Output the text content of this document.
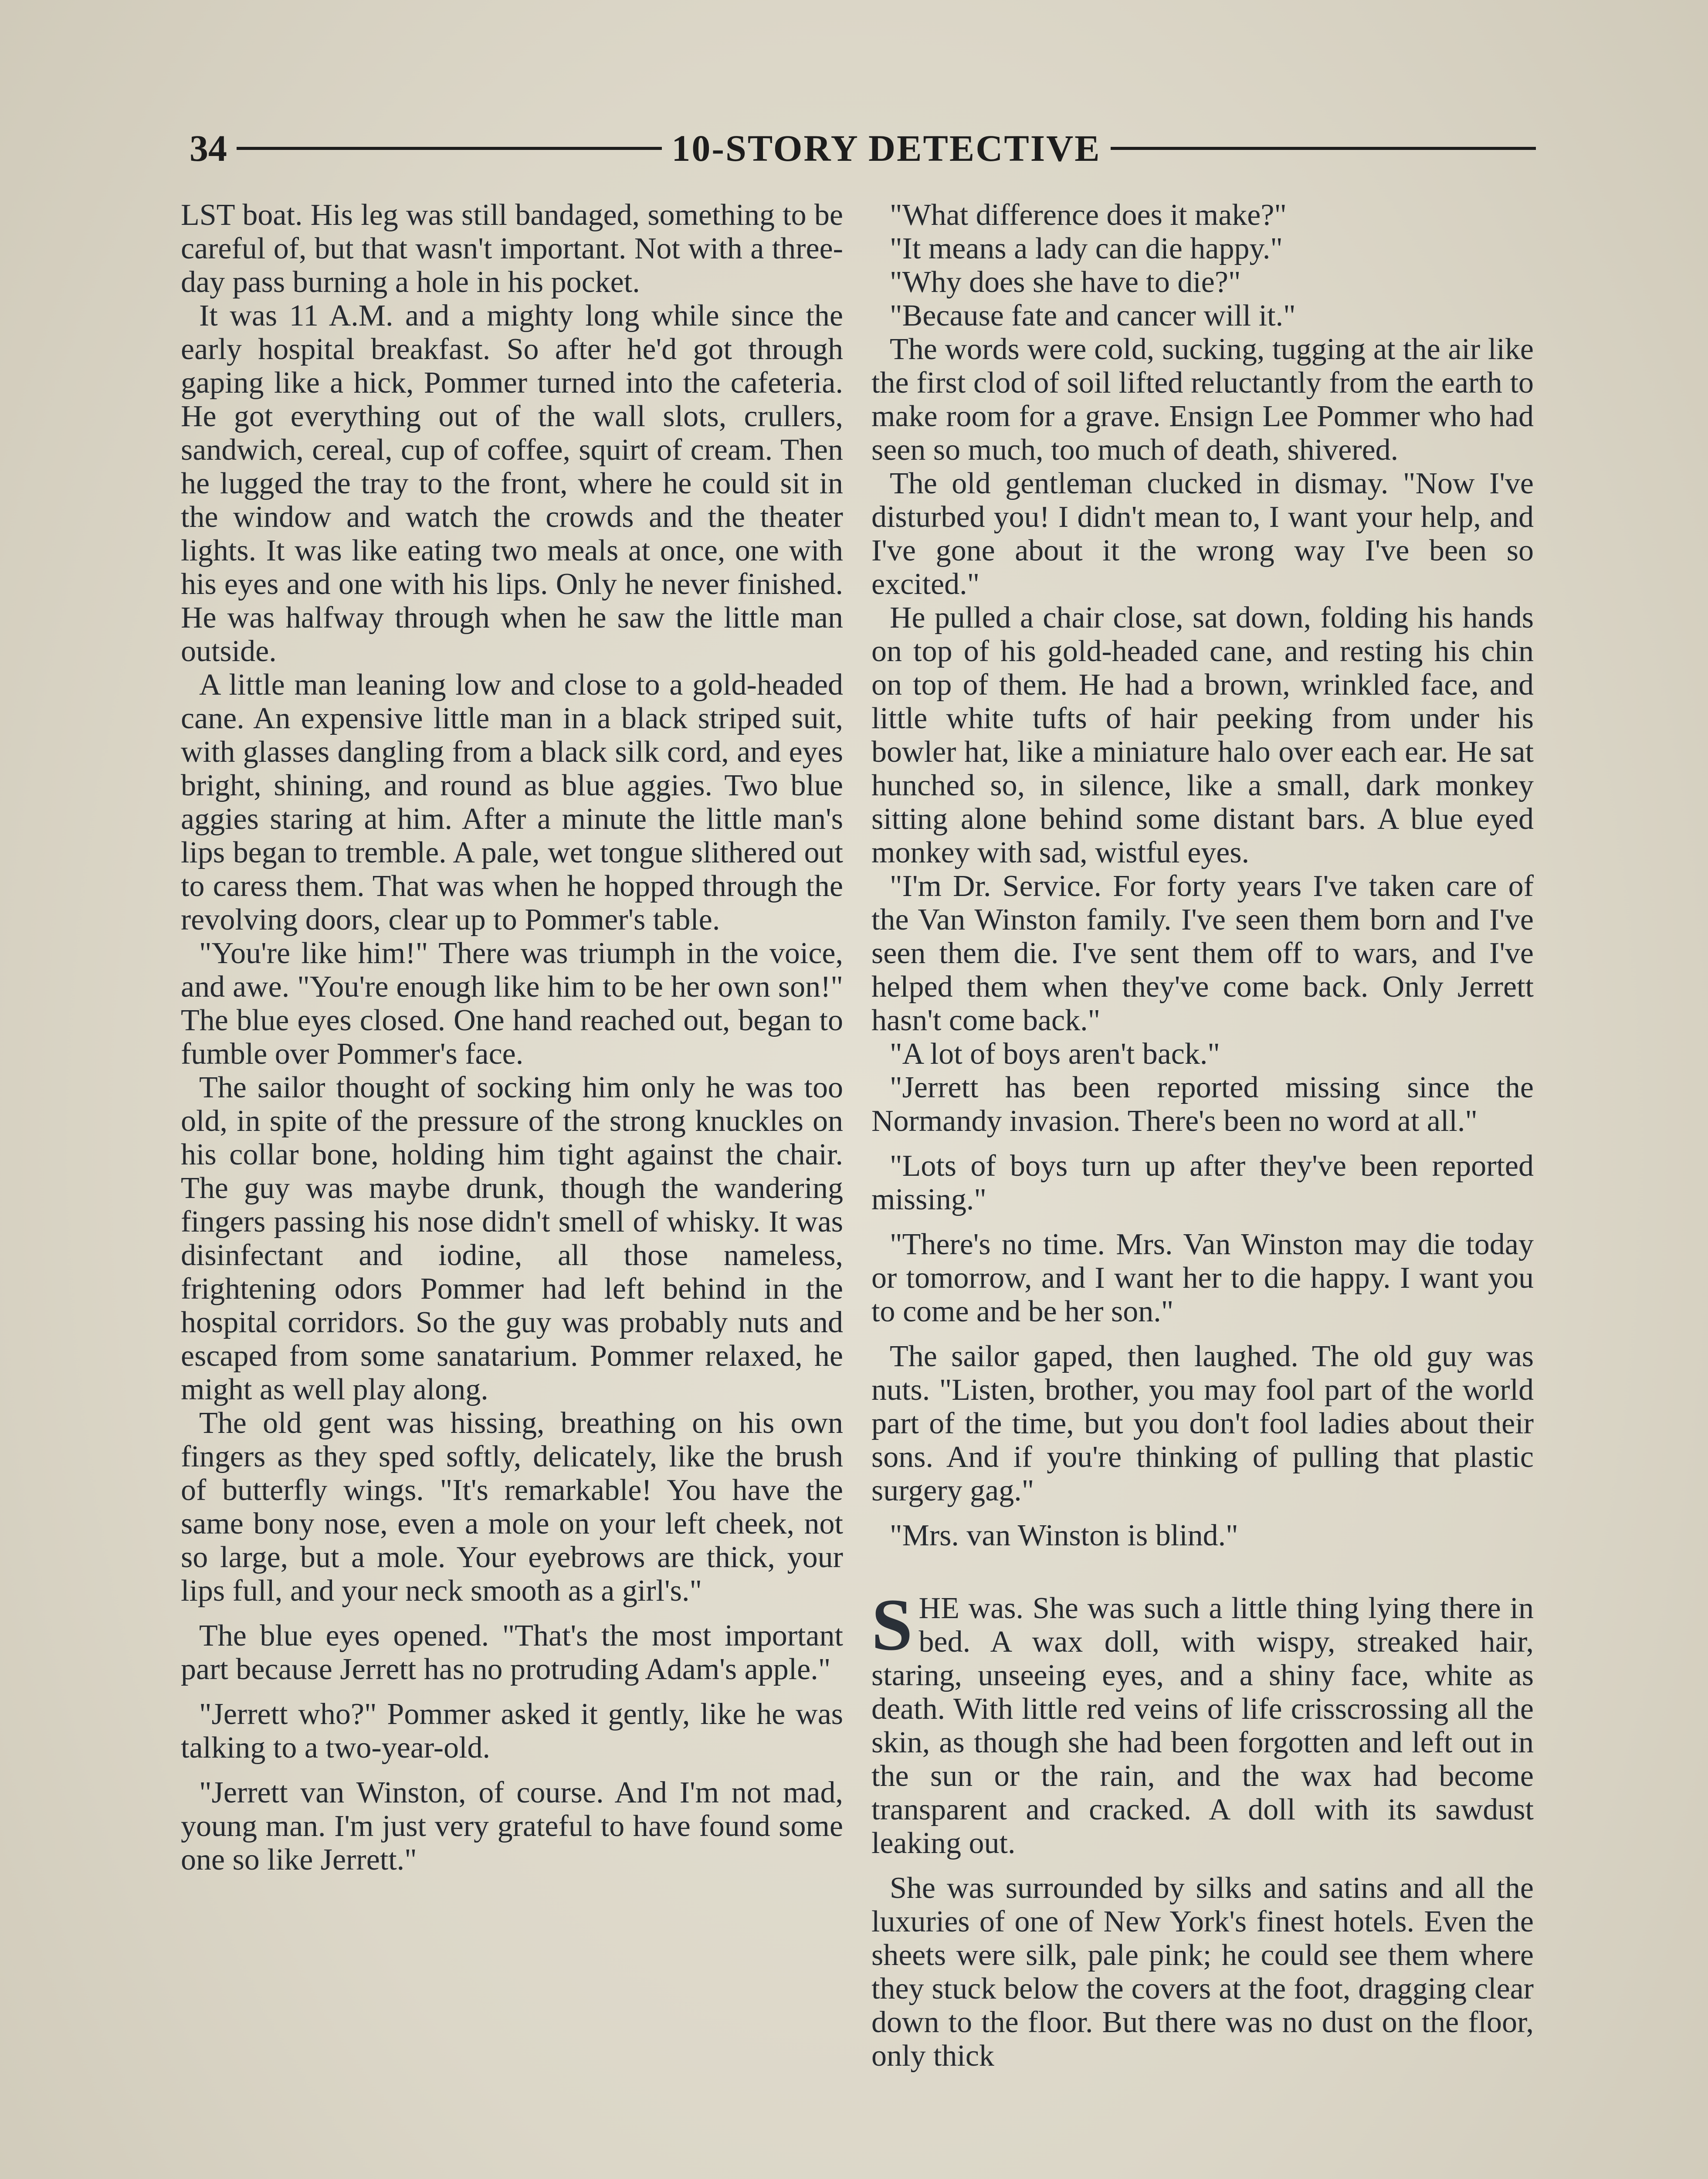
34	10-STORY DETECTIVE

LST boat. His leg was still bandaged, something to be careful of, but that wasn't important. Not with a three-day pass burning a hole in his pocket.

It was 11 A.M. and a mighty long while since the early hospital breakfast. So after he'd got through gaping like a hick, Pommer turned into the cafeteria. He got everything out of the wall slots, crullers, sandwich, cereal, cup of coffee, squirt of cream. Then he lugged the tray to the front, where he could sit in the window and watch the crowds and the theater lights. It was like eating two meals at once, one with his eyes and one with his lips. Only he never finished. He was halfway through when he saw the little man outside.

A little man leaning low and close to a gold-headed cane. An expensive little man in a black striped suit, with glasses dangling from a black silk cord, and eyes bright, shining, and round as blue aggies. Two blue aggies staring at him. After a minute the little man's lips began to tremble. A pale, wet tongue slithered out to caress them. That was when he hopped through the revolving doors, clear up to Pommer's table.

"You're like him!" There was triumph in the voice, and awe. "You're enough like him to be her own son!" The blue eyes closed. One hand reached out, began to fumble over Pommer's face.

The sailor thought of socking him only he was too old, in spite of the pressure of the strong knuckles on his collar bone, holding him tight against the chair. The guy was maybe drunk, though the wandering fingers passing his nose didn't smell of whisky. It was disinfectant and iodine, all those nameless, frightening odors Pommer had left behind in the hospital corridors. So the guy was probably nuts and escaped from some sanatarium. Pommer relaxed, he might as well play along.

The old gent was hissing, breathing on his own fingers as they sped softly, delicately, like the brush of butterfly wings. "It's remarkable! You have the same bony nose, even a mole on your left cheek, not so large, but a mole. Your eyebrows are thick, your lips full, and your neck smooth as a girl's."

The blue eyes opened. "That's the most important part because Jerrett has no protruding Adam's apple."

"Jerrett who?" Pommer asked it gently, like he was talking to a two-year-old.

"Jerrett van Winston, of course. And I'm not mad, young man. I'm just very grateful to have found some one so like Jerrett."

"What difference does it make?"

"It means a lady can die happy."

"Why does she have to die?"

"Because fate and cancer will it."

The words were cold, sucking, tugging at the air like the first clod of soil lifted reluctantly from the earth to make room for a grave. Ensign Lee Pommer who had seen so much, too much of death, shivered.

The old gentleman clucked in dismay. "Now I've disturbed you! I didn't mean to, I want your help, and I've gone about it the wrong way I've been so excited."

He pulled a chair close, sat down, folding his hands on top of his gold-headed cane, and resting his chin on top of them. He had a brown, wrinkled face, and little white tufts of hair peeking from under his bowler hat, like a miniature halo over each ear. He sat hunched so, in silence, like a small, dark monkey sitting alone behind some distant bars. A blue eyed monkey with sad, wistful eyes.

"I'm Dr. Service. For forty years I've taken care of the Van Winston family. I've seen them born and I've seen them die. I've sent them off to wars, and I've helped them when they've come back. Only Jerrett hasn't come back."

"A lot of boys aren't back."

"Jerrett has been reported missing since the Normandy invasion. There's been no word at all."

"Lots of boys turn up after they've been reported missing."

"There's no time. Mrs. Van Winston may die today or tomorrow, and I want her to die happy. I want you to come and be her son."

The sailor gaped, then laughed. The old guy was nuts. "Listen, brother, you may fool part of the world part of the time, but you don't fool ladies about their sons. And if you're thinking of pulling that plastic surgery gag."

"Mrs. van Winston is blind."

SHE was. She was such a little thing lying there in bed. A wax doll, with wispy, streaked hair, staring, unseeing eyes, and a shiny face, white as death. With little red veins of life crisscrossing all the skin, as though she had been forgotten and left out in the sun or the rain, and the wax had become transparent and cracked. A doll with its sawdust leaking out.

She was surrounded by silks and satins and all the luxuries of one of New York's finest hotels. Even the sheets were silk, pale pink; he could see them where they stuck below the covers at the foot, dragging clear down to the floor. But there was no dust on the floor, only thick
